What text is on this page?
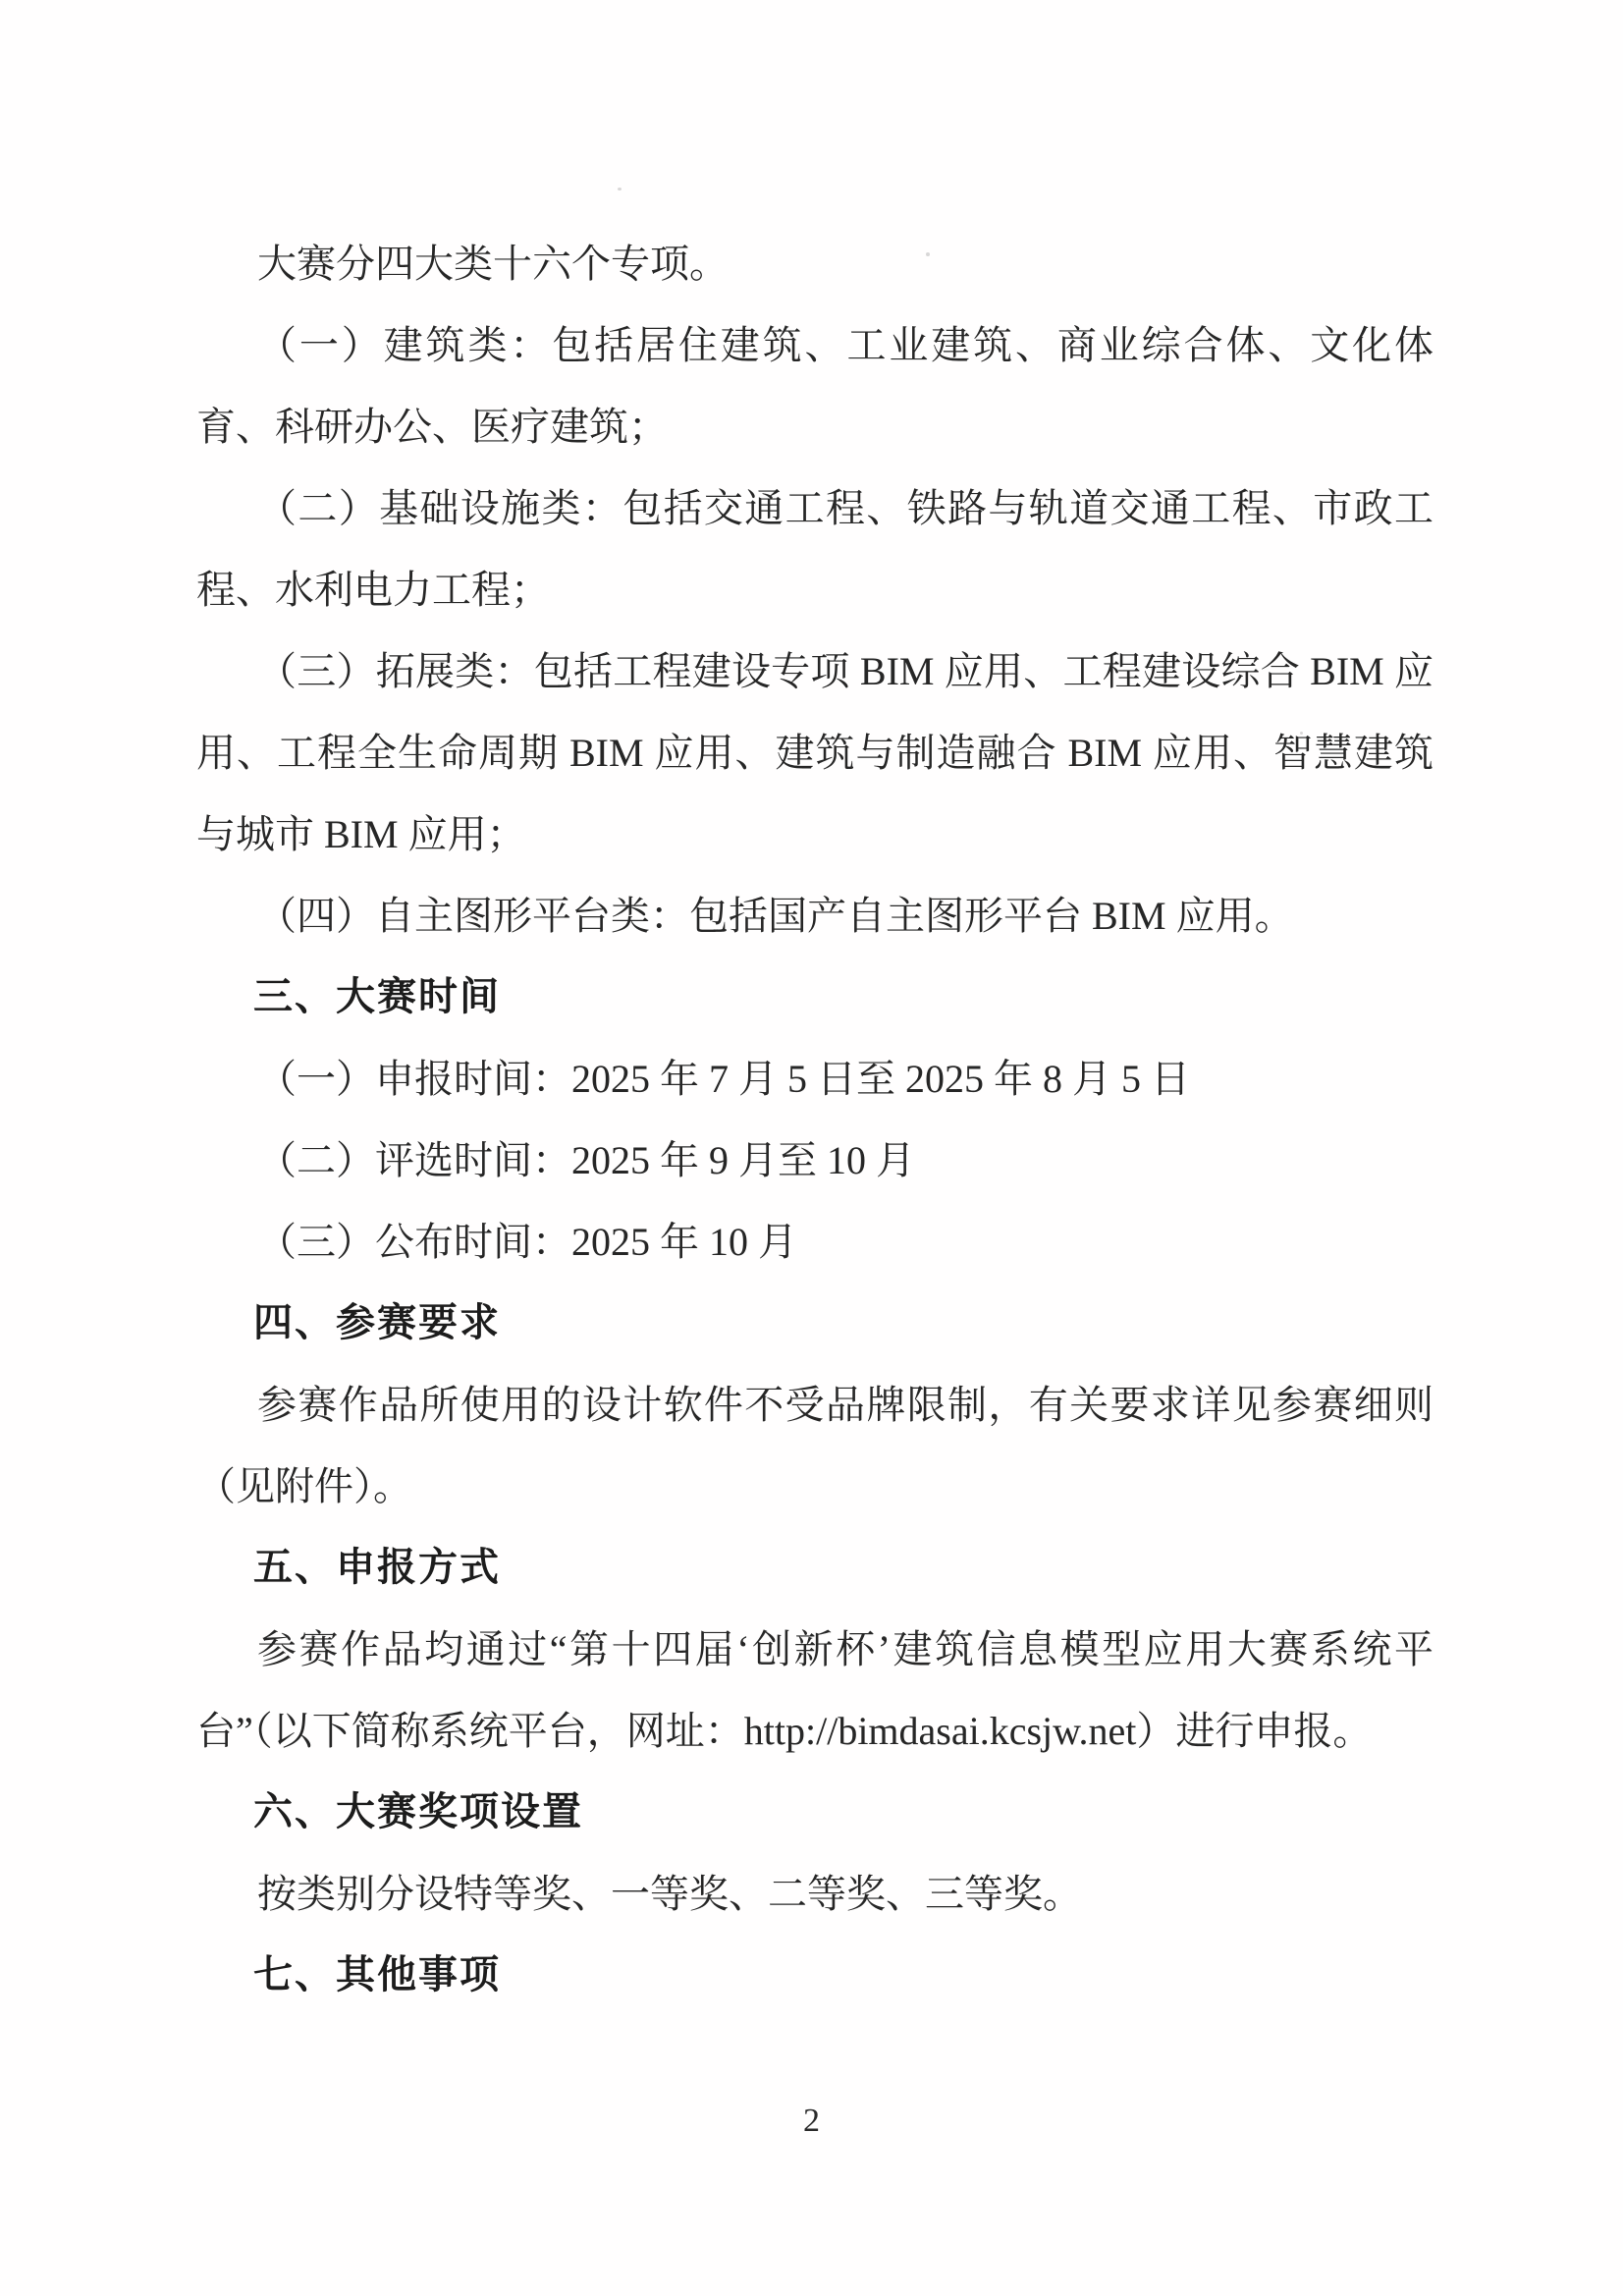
大赛分四大类十六个专项。

（一）建筑类：包括居住建筑、工业建筑、商业综合体、文化体育、科研办公、医疗建筑；

（二）基础设施类：包括交通工程、铁路与轨道交通工程、市政工程、水利电力工程；

（三）拓展类：包括工程建设专项 BIM 应用、工程建设综合 BIM 应用、工程全生命周期 BIM 应用、建筑与制造融合 BIM 应用、智慧建筑与城市 BIM 应用；

（四）自主图形平台类：包括国产自主图形平台 BIM 应用。

三、大赛时间

（一）申报时间：2025 年 7 月 5 日至 2025 年 8 月 5 日

（二）评选时间：2025 年 9 月至 10 月

（三）公布时间：2025 年 10 月

四、参赛要求

参赛作品所使用的设计软件不受品牌限制，有关要求详见参赛细则（见附件）。

五、申报方式

参赛作品均通过“第十四届‘创新杯’建筑信息模型应用大赛系统平台”（以下简称系统平台，网址：http://bimdasai.kcsjw.net）进行申报。

六、大赛奖项设置

按类别分设特等奖、一等奖、二等奖、三等奖。

七、其他事项

2
